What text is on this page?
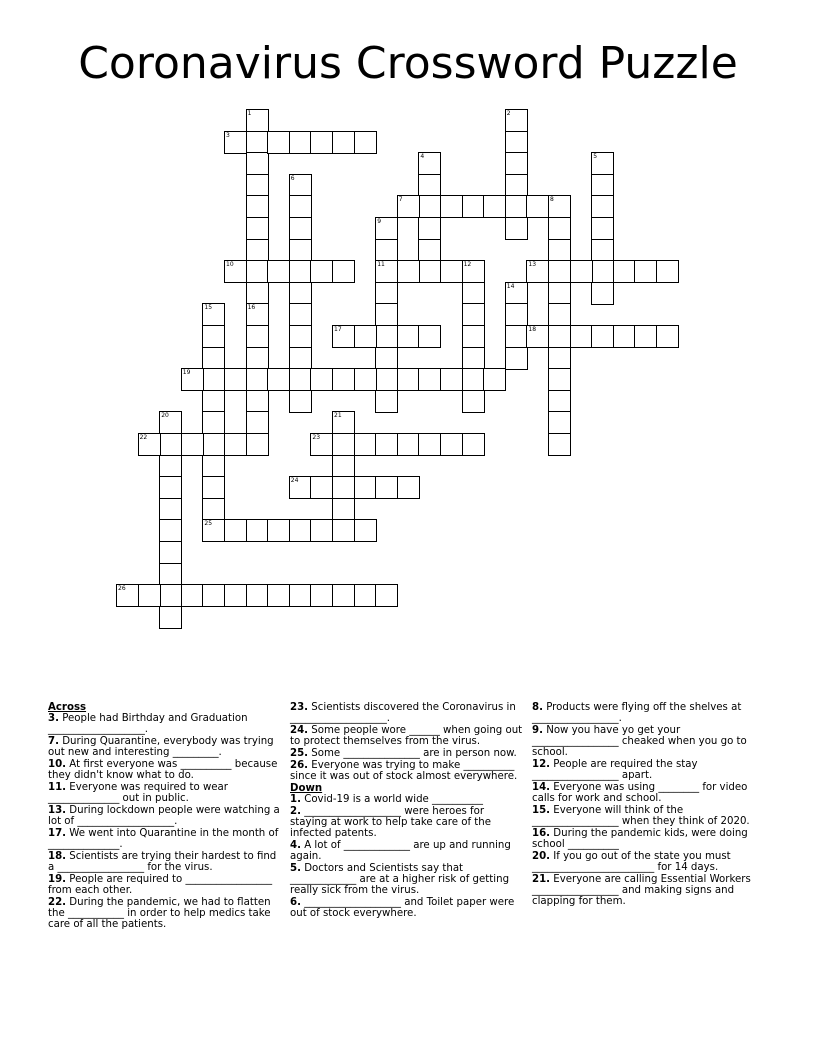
Coronavirus Crossword Puzzle
1
16
2
3
4	5
6
7	8
9
11
10	12	13
14
15
17	18
19
20	21
22	23
24
25
26
Across
3. People had Birthday and Graduation ___________________.
7. During Quarantine, everybody was trying out new and interesting _________.
10. At first everyone was __________ because they didn't know what to do.
11. Everyone was required to wear ______________ out in public.
13. During lockdown people were watching a lot of ___________________.
17. We went into Quarantine in the month of ______________.
18. Scientists are trying their hardest to find a _________________ for the virus.
19. People are required to _________________ from each other.
22. During the pandemic, we had to flatten the ___________ in order to help medics take care of all the patients.
23. Scientists discovered the Coronavirus in ___________________.
24. Some people wore ______ when going out to protect themselves from the virus.
25. Some _______________ are in person now.
26. Everyone was trying to make __________ since it was out of stock almost everywhere.
Down
1. Covid-19 is a world wide __________
2. ___________________ were heroes for staying at work to help take care of the infected patents.
4. A lot of _____________ are up and running again.
5. Doctors and Scientists say that _____________ are at a higher risk of getting really sick from the virus.
6. ___________________ and Toilet paper were out of stock everywhere.
8. Products were flying off the shelves at _________________.
9. Now you have yo get your _________________ cheaked when you go to school.
12. People are required the stay _________________ apart.
14. Everyone was using ________ for video calls for work and school.
15. Everyone will think of the _________________ when they think of 2020.
16. During the pandemic kids, were doing school __________
20. If you go out of the state you must ________________________ for 14 days.
21. Everyone are calling Essential Workers _________________ and making signs and clapping for them.
